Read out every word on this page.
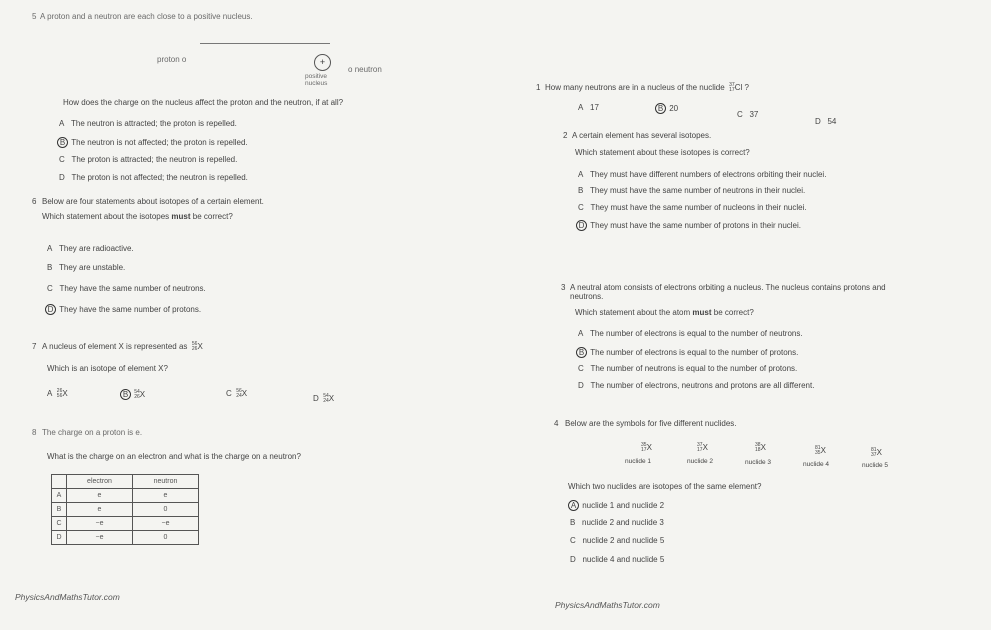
5 A proton and a neutron are each close to a positive nucleus.
proton o	+
positive
nucleus
o neutron
How does the charge on the nucleus affect the proton and the neutron, if at all?
A The neutron is attracted; the proton is repelled.
B The neutron is not affected; the proton is repelled.
C The proton is attracted; the neutron is repelled.
D The proton is not affected; the neutron is repelled.
6 Below are four statements about isotopes of a certain element.
Which statement about the isotopes must be correct?
A They are radioactive.
B They are unstable.
C They have the same number of neutrons.
D They have the same number of protons.
7 A nucleus of element X is represented as 56
26X
Which is an isotope of element X?
A 26
56X	B 54
26X	C 56
24X
D 54
24X
8 The charge on a proton is e.
What is the charge on an electron and what is the charge on a neutron?
	electron	neutron
A	e	e
B	e	0
C	−e	−e
D	−e	0
PhysicsAndMathsTutor.com
1 How many neutrons are in a nucleus of the nuclide 37
17Cl ?
A 17	B 20
C 37
D 54
2 A certain element has several isotopes.
Which statement about these isotopes is correct?
A They must have different numbers of electrons orbiting their nuclei.
B They must have the same number of neutrons in their nuclei.
C They must have the same number of nucleons in their nuclei.
D They must have the same number of protons in their nuclei.
3 A neutral atom consists of electrons orbiting a nucleus. The nucleus contains protons and
neutrons.
Which statement about the atom must be correct?
A The number of electrons is equal to the number of neutrons.
B The number of electrons is equal to the number of protons.
C The number of neutrons is equal to the number of protons.
D The number of electrons, neutrons and protons are all different.
4 Below are the symbols for five different nuclides.
35
17X	37
17X	38
18X	81
35X	81
37X
nuclide 1	nuclide 2	nuclide 3	nuclide 4	nuclide 5
Which two nuclides are isotopes of the same element?
A nuclide 1 and nuclide 2
B nuclide 2 and nuclide 3
C nuclide 2 and nuclide 5
D nuclide 4 and nuclide 5
PhysicsAndMathsTutor.com
